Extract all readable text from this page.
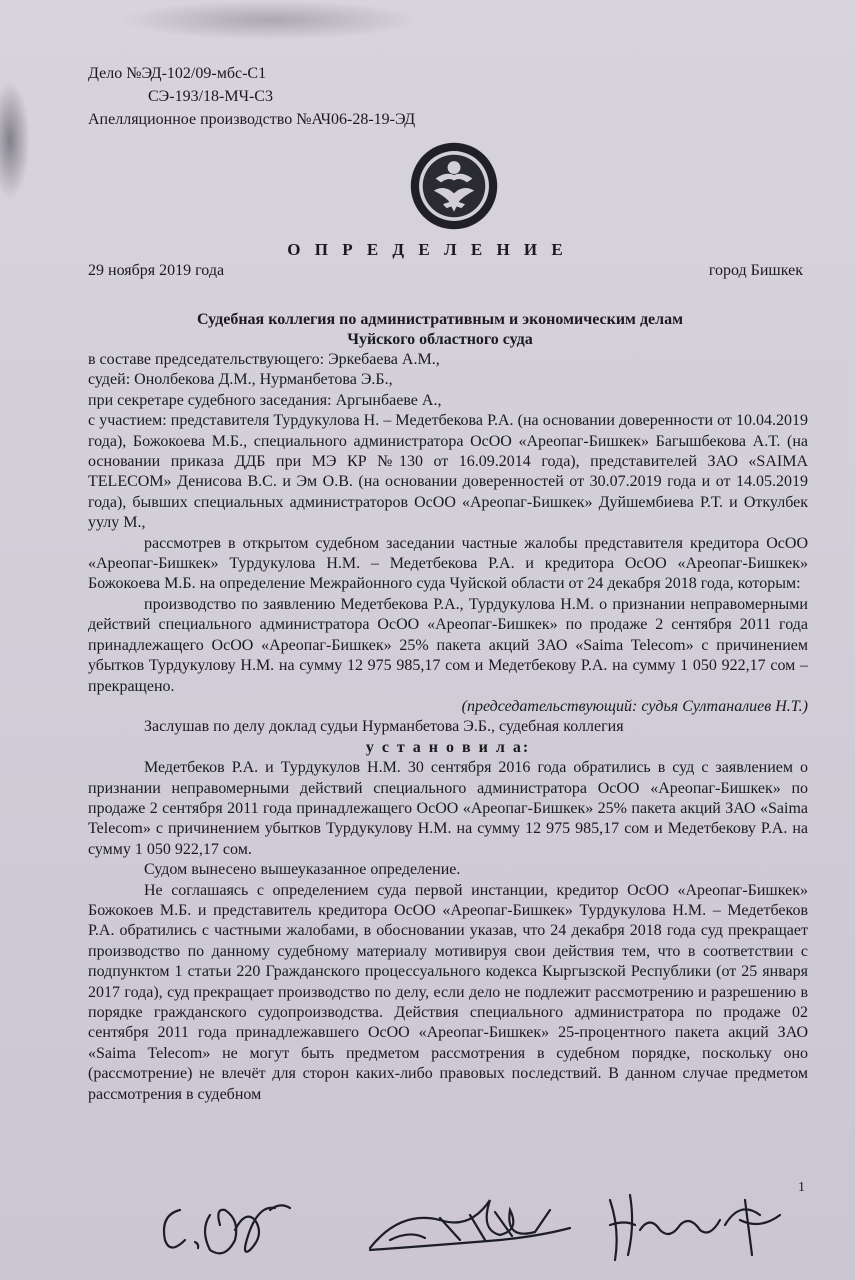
Дело №ЭД-102/09-мбс-С1
СЭ-193/18-МЧ-С3
Апелляционное производство №АЧ06-28-19-ЭД
О П Р Е Д Е Л Е Н И Е
29 ноября 2019 года	город Бишкек
Судебная коллегия по административным и экономическим делам
Чуйского областного суда

в составе председательствующего: Эркебаева А.М.,

судей: Онолбекова Д.М., Нурманбетова Э.Б.,

при секретаре судебного заседания: Аргынбаеве А.,

с участием: представителя Турдукулова Н. – Медетбекова Р.А. (на основании доверенности от 10.04.2019 года), Божокоева М.Б., специального администратора ОсОО «Ареопаг-Бишкек» Багышбекова А.Т. (на основании приказа ДДБ при МЭ КР №130 от 16.09.2014 года), представителей ЗАО «SAIMA TELECOM» Денисова В.С. и Эм О.В. (на основании доверенностей от 30.07.2019 года и от 14.05.2019 года), бывших специальных администраторов ОсОО «Ареопаг-Бишкек» Дуйшембиева Р.Т. и Откулбек уулу М.,

рассмотрев в открытом судебном заседании частные жалобы представителя кредитора ОсОО «Ареопаг-Бишкек» Турдукулова Н.М. – Медетбекова Р.А. и кредитора ОсОО «Ареопаг-Бишкек» Божокоева М.Б. на определение Межрайонного суда Чуйской области от 24 декабря 2018 года, которым:

производство по заявлению Медетбекова Р.А., Турдукулова Н.М. о признании неправомерными действий специального администратора ОсОО «Ареопаг-Бишкек» по продаже 2 сентября 2011 года принадлежащего ОсОО «Ареопаг-Бишкек» 25% пакета акций ЗАО «Saima Telecom» с причинением убытков Турдукулову Н.М. на сумму 12 975 985,17 сом и Медетбекову Р.А. на сумму 1 050 922,17 сом – прекращено.

(председательствующий: судья Султаналиев Н.Т.)

Заслушав по делу доклад судьи Нурманбетова Э.Б., судебная коллегия

у с т а н о в и л а:

Медетбеков Р.А. и Турдукулов Н.М. 30 сентября 2016 года обратились в суд с заявлением о признании неправомерными действий специального администратора ОсОО «Ареопаг-Бишкек» по продаже 2 сентября 2011 года принадлежащего ОсОО «Ареопаг-Бишкек» 25% пакета акций ЗАО «Saima Telecom» с причинением убытков Турдукулову Н.М. на сумму 12 975 985,17 сом и Медетбекову Р.А. на сумму 1 050 922,17 сом.

Судом вынесено вышеуказанное определение.

Не соглашаясь с определением суда первой инстанции, кредитор ОсОО «Ареопаг-Бишкек» Божокоев М.Б. и представитель кредитора ОсОО «Ареопаг-Бишкек» Турдукулова Н.М. – Медетбеков Р.А. обратились с частными жалобами, в обосновании указав, что 24 декабря 2018 года суд прекращает производство по данному судебному материалу мотивируя свои действия тем, что в соответствии с подпунктом 1 статьи 220 Гражданского процессуального кодекса Кыргызской Республики (от 25 января 2017 года), суд прекращает производство по делу, если дело не подлежит рассмотрению и разрешению в порядке гражданского судопроизводства. Действия специального администратора по продаже 02 сентября 2011 года принадлежавшего ОсОО «Ареопаг-Бишкек» 25-процентного пакета акций ЗАО «Saima Telecom» не могут быть предметом рассмотрения в судебном порядке, поскольку оно (рассмотрение) не влечёт для сторон каких-либо правовых последствий. В данном случае предметом рассмотрения в судебном

1
